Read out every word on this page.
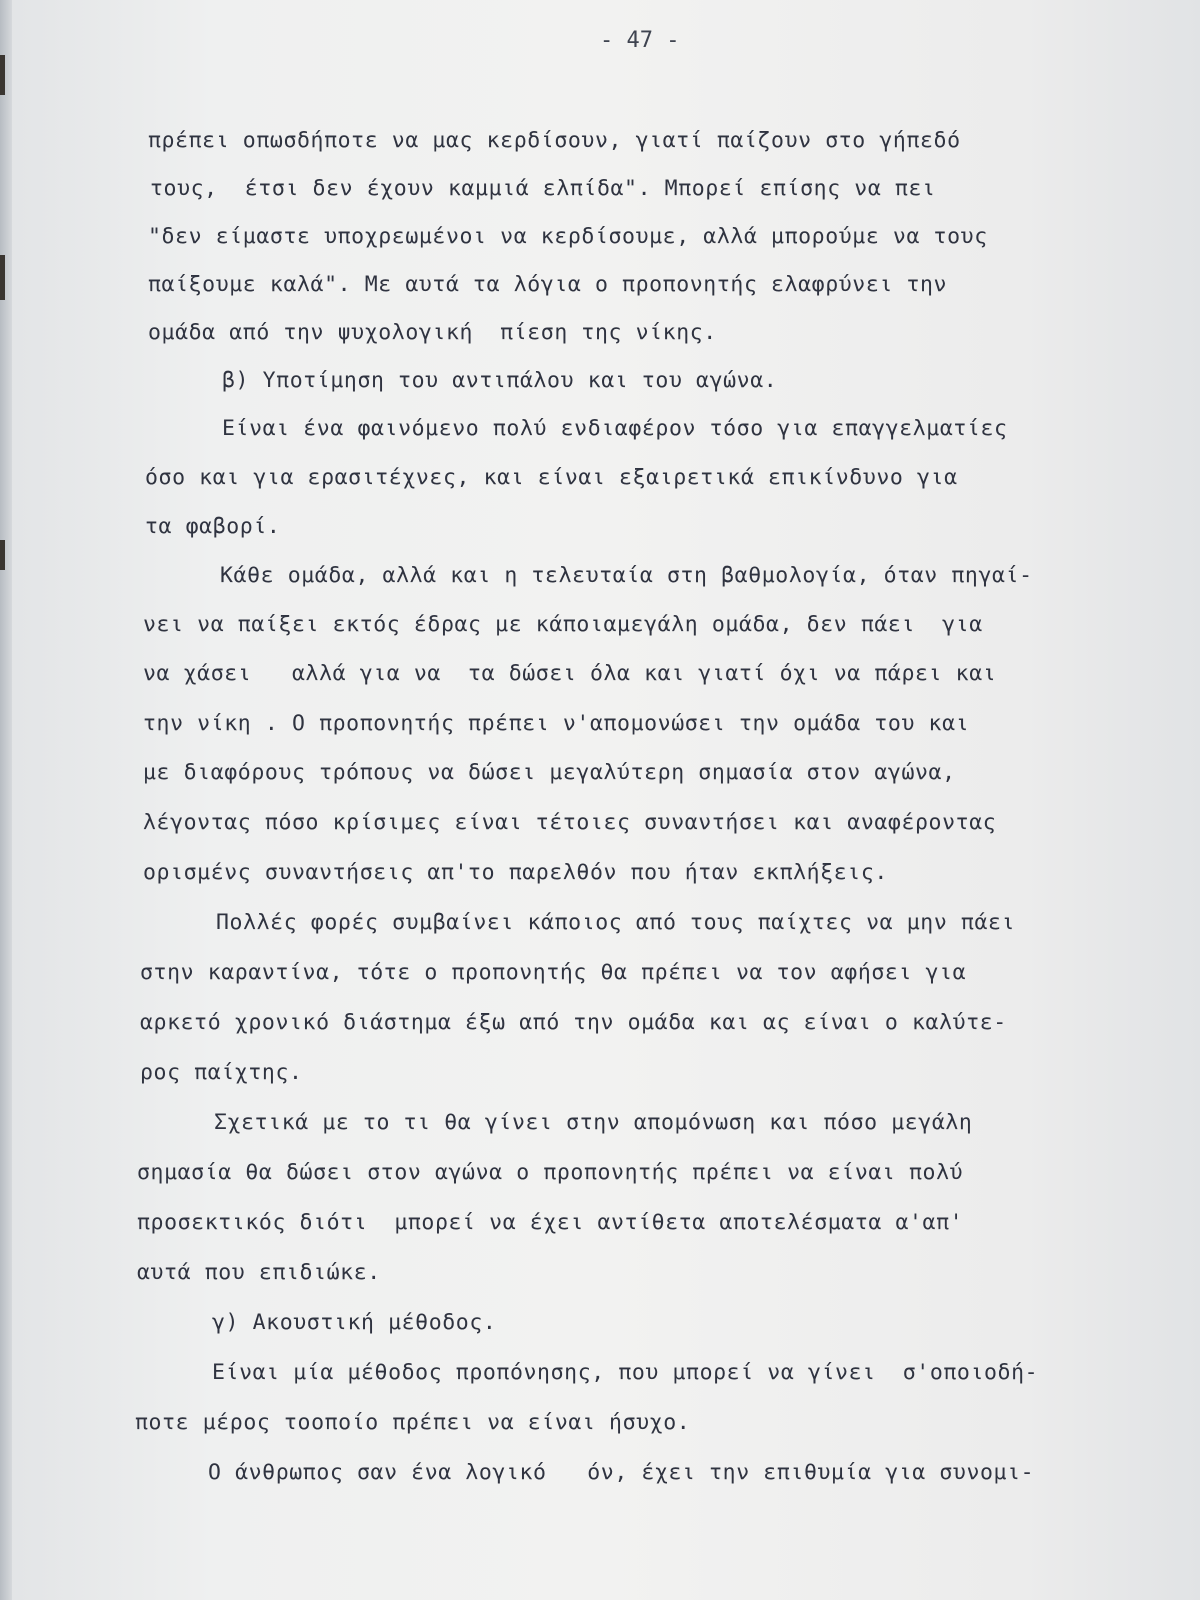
- 47 -
πρέπει οπωσδήποτε να μας κερδίσουν, γιατί παίζουν στο γήπεδό
τους,  έτσι δεν έχουν καμμιά ελπίδα". Μπορεί επίσης να πει
"δεν είμαστε υποχρεωμένοι να κερδίσουμε, αλλά μπορούμε να τους
παίξουμε καλά". Με αυτά τα λόγια ο προπονητής ελαφρύνει την
ομάδα από την ψυχολογική  πίεση της νίκης.
β) Υποτίμηση του αντιπάλου και του αγώνα.
Είναι ένα φαινόμενο πολύ ενδιαφέρον τόσο για επαγγελματίες
όσο και για ερασιτέχνες, και είναι εξαιρετικά επικίνδυνο για
τα φαβορί.
Κάθε ομάδα, αλλά και η τελευταία στη βαθμολογία, όταν πηγαί-
νει να παίξει εκτός έδρας με κάποιαμεγάλη ομάδα, δεν πάει  για
να χάσει   αλλά για να  τα δώσει όλα και γιατί όχι να πάρει και
την νίκη . Ο προπονητής πρέπει ν'απομονώσει την ομάδα του και
με διαφόρους τρόπους να δώσει μεγαλύτερη σημασία στον αγώνα,
λέγοντας πόσο κρίσιμες είναι τέτοιες συναντήσει και αναφέροντας
ορισμένς συναντήσεις απ'το παρελθόν που ήταν εκπλήξεις.
Πολλές φορές συμβαίνει κάποιος από τους παίχτες να μην πάει
στην καραντίνα, τότε ο προπονητής θα πρέπει να τον αφήσει για
αρκετό χρονικό διάστημα έξω από την ομάδα και ας είναι ο καλύτε-
ρος παίχτης.
Σχετικά με το τι θα γίνει στην απομόνωση και πόσο μεγάλη
σημασία θα δώσει στον αγώνα ο προπονητής πρέπει να είναι πολύ
προσεκτικός διότι  μπορεί να έχει αντίθετα αποτελέσματα α'απ'
αυτά που επιδιώκε.
γ) Ακουστική μέθοδος.
Είναι μία μέθοδος προπόνησης, που μπορεί να γίνει  σ'οποιοδή-
ποτε μέρος τοοποίο πρέπει να είναι ήσυχο.
Ο άνθρωπος σαν ένα λογικό   όν, έχει την επιθυμία για συνομι-
